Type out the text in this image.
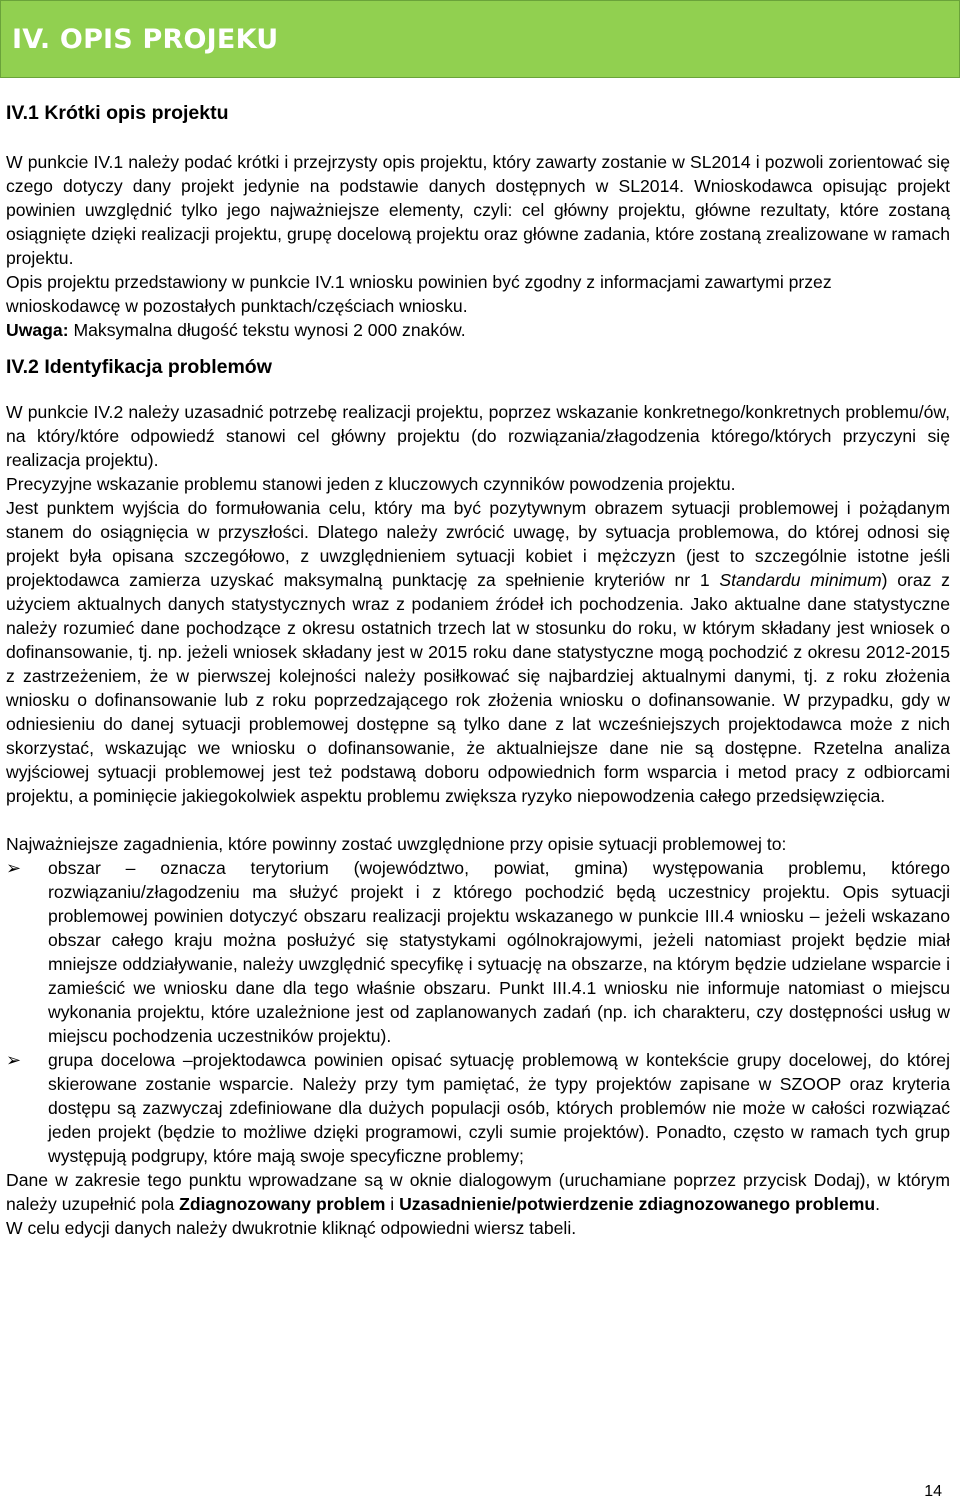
IV. OPIS PROJEKU
IV.1 Krótki opis projektu

W punkcie IV.1 należy podać krótki i przejrzysty opis projektu, który zawarty zostanie w SL2014 i pozwoli zorientować się czego dotyczy dany projekt jedynie na podstawie danych dostępnych w SL2014. Wnioskodawca opisując projekt powinien uwzględnić tylko jego najważniejsze elementy, czyli: cel główny projektu, główne rezultaty, które zostaną osiągnięte dzięki realizacji projektu, grupę docelową projektu oraz główne zadania, które zostaną zrealizowane w ramach projektu.

Opis projektu przedstawiony w punkcie IV.1 wniosku powinien być zgodny z informacjami zawartymi przez wnioskodawcę w pozostałych punktach/częściach wniosku.

Uwaga: Maksymalna długość tekstu wynosi 2 000 znaków.

IV.2 Identyfikacja problemów

W punkcie IV.2 należy uzasadnić potrzebę realizacji projektu, poprzez wskazanie konkretnego/konkretnych problemu/ów, na który/które odpowiedź stanowi cel główny projektu (do rozwiązania/złagodzenia którego/których przyczyni się realizacja projektu).

Precyzyjne wskazanie problemu stanowi jeden z kluczowych czynników powodzenia projektu.

Jest punktem wyjścia do formułowania celu, który ma być pozytywnym obrazem sytuacji problemowej i pożądanym stanem do osiągnięcia w przyszłości. Dlatego należy zwrócić uwagę, by sytuacja problemowa, do której odnosi się projekt była opisana szczegółowo, z uwzględnieniem sytuacji kobiet i mężczyzn (jest to szczególnie istotne jeśli projektodawca zamierza uzyskać maksymalną punktację za spełnienie kryteriów nr 1 Standardu minimum) oraz z użyciem aktualnych danych statystycznych wraz z podaniem źródeł ich pochodzenia. Jako aktualne dane statystyczne należy rozumieć dane pochodzące z okresu ostatnich trzech lat w stosunku do roku, w którym składany jest wniosek o dofinansowanie, tj. np. jeżeli wniosek składany jest w 2015 roku dane statystyczne mogą pochodzić z okresu 2012-2015 z zastrzeżeniem, że w pierwszej kolejności należy posiłkować się najbardziej aktualnymi danymi, tj. z roku złożenia wniosku o dofinansowanie lub z roku poprzedzającego rok złożenia wniosku o dofinansowanie. W przypadku, gdy w odniesieniu do danej sytuacji problemowej dostępne są tylko dane z lat wcześniejszych projektodawca może z nich skorzystać, wskazując we wniosku o dofinansowanie, że aktualniejsze dane nie są dostępne. Rzetelna analiza wyjściowej sytuacji problemowej jest też podstawą doboru odpowiednich form wsparcia i metod pracy z odbiorcami projektu, a pominięcie jakiegokolwiek aspektu problemu zwiększa ryzyko niepowodzenia całego przedsięwzięcia.

Najważniejsze zagadnienia, które powinny zostać uwzględnione przy opisie sytuacji problemowej to:

➢	obszar – oznacza terytorium (województwo, powiat, gmina) występowania problemu, którego rozwiązaniu/złagodzeniu ma służyć projekt i z którego pochodzić będą uczestnicy projektu. Opis sytuacji problemowej powinien dotyczyć obszaru realizacji projektu wskazanego w punkcie III.4 wniosku – jeżeli wskazano obszar całego kraju można posłużyć się statystykami ogólnokrajowymi, jeżeli natomiast projekt będzie miał mniejsze oddziaływanie, należy uwzględnić specyfikę i sytuację na obszarze, na którym będzie udzielane wsparcie i zamieścić we wniosku dane dla tego właśnie obszaru. Punkt III.4.1 wniosku nie informuje natomiast o miejscu wykonania projektu, które uzależnione jest od zaplanowanych zadań (np. ich charakteru, czy dostępności usług w miejscu pochodzenia uczestników projektu).
➢	grupa docelowa –projektodawca powinien opisać sytuację problemową w kontekście grupy docelowej, do której skierowane zostanie wsparcie. Należy przy tym pamiętać, że typy projektów zapisane w SZOOP oraz kryteria dostępu są zazwyczaj zdefiniowane dla dużych populacji osób, których problemów nie może w całości rozwiązać jeden projekt (będzie to możliwe dzięki programowi, czyli sumie projektów). Ponadto, często w ramach tych grup występują podgrupy, które mają swoje specyficzne problemy;

Dane w zakresie tego punktu wprowadzane są w oknie dialogowym (uruchamiane poprzez przycisk Dodaj), w którym należy uzupełnić pola Zdiagnozowany problem i Uzasadnienie/potwierdzenie zdiagnozowanego problemu.

W celu edycji danych należy dwukrotnie kliknąć odpowiedni wiersz tabeli.

14
